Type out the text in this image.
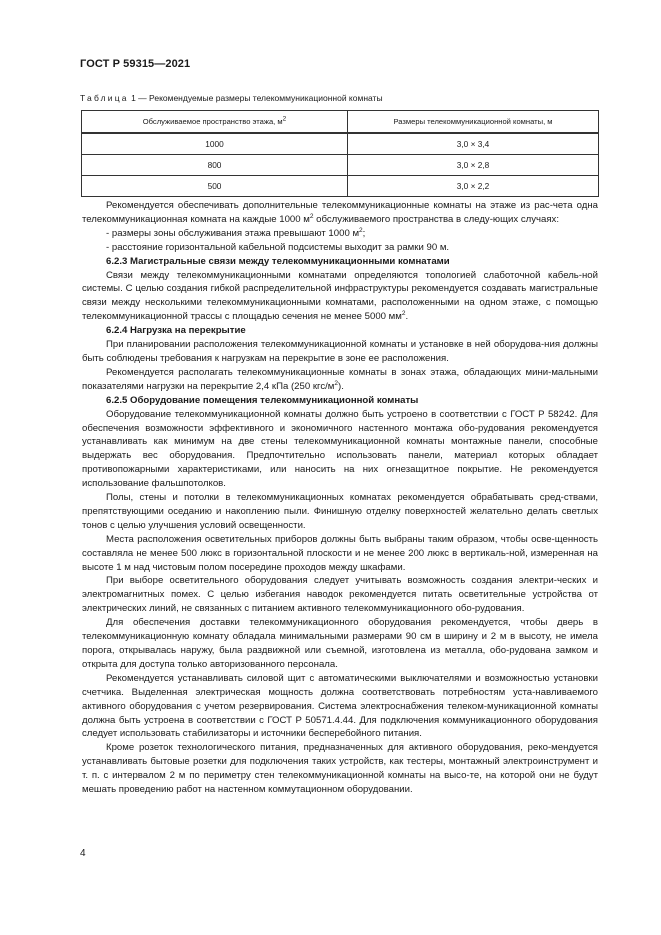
ГОСТ Р 59315—2021
Таблица 1 — Рекомендуемые размеры телекоммуникационной комнаты
Обслуживаемое пространство этажа, $м^2$	Размеры телекоммуникационной комнаты, м
1000	3,0 × 3,4
800	3,0 × 2,8
500	3,0 × 2,2

Рекомендуется обеспечивать дополнительные телекоммуникационные комнаты на этаже из рас-чета одна телекоммуникационная комната на каждые 1000 $м^2$ обслуживаемого пространства в следу-ющих случаях:

- размеры зоны обслуживания этажа превышают 1000 $м^2$;

- расстояние горизонтальной кабельной подсистемы выходит за рамки 90 м.

6.2.3 Магистральные связи между телекоммуникационными комнатами

Связи между телекоммуникационными комнатами определяются топологией слаботочной кабель-ной системы. С целью создания гибкой распределительной инфраструктуры рекомендуется создавать магистральные связи между несколькими телекоммуникационными комнатами, расположенными на одном этаже, с помощью телекоммуникационной трассы с площадью сечения не менее 5000 $мм^2$.

6.2.4 Нагрузка на перекрытие

При планировании расположения телекоммуникационной комнаты и установке в ней оборудова-ния должны быть соблюдены требования к нагрузкам на перекрытие в зоне ее расположения.

Рекомендуется располагать телекоммуникационные комнаты в зонах этажа, обладающих мини-мальными показателями нагрузки на перекрытие 2,4 кПа (250 кгс/$м^2$).

6.2.5 Оборудование помещения телекоммуникационной комнаты

Оборудование телекоммуникационной комнаты должно быть устроено в соответствии с ГОСТ Р 58242. Для обеспечения возможности эффективного и экономичного настенного монтажа обо-рудования рекомендуется устанавливать как минимум на две стены телекоммуникационной комнаты монтажные панели, способные выдержать вес оборудования. Предпочтительно использовать панели, материал которых обладает противопожарными характеристиками, или наносить на них огнезащитное покрытие. Не рекомендуется использование фальшпотолков.

Полы, стены и потолки в телекоммуникационных комнатах рекомендуется обрабатывать сред-ствами, препятствующими оседанию и накоплению пыли. Финишную отделку поверхностей желательно делать светлых тонов с целью улучшения условий освещенности.

Места расположения осветительных приборов должны быть выбраны таким образом, чтобы осве-щенность составляла не менее 500 люкс в горизонтальной плоскости и не менее 200 люкс в вертикаль-ной, измеренная на высоте 1 м над чистовым полом посередине проходов между шкафами.

При выборе осветительного оборудования следует учитывать возможность создания электри-ческих и электромагнитных помех. С целью избегания наводок рекомендуется питать осветительные устройства от электрических линий, не связанных с питанием активного телекоммуникационного обо-рудования.

Для обеспечения доставки телекоммуникационного оборудования рекомендуется, чтобы дверь в телекоммуникационную комнату обладала минимальными размерами 90 см в ширину и 2 м в высоту, не имела порога, открывалась наружу, была раздвижной или съемной, изготовлена из металла, обо-рудована замком и открыта для доступа только авторизованного персонала.

Рекомендуется устанавливать силовой щит с автоматическими выключателями и возможностью установки счетчика. Выделенная электрическая мощность должна соответствовать потребностям уста-навливаемого активного оборудования с учетом резервирования. Система электроснабжения телеком-муникационной комнаты должна быть устроена в соответствии с ГОСТ Р 50571.4.44. Для подключения коммуникационного оборудования следует использовать стабилизаторы и источники бесперебойного питания.

Кроме розеток технологического питания, предназначенных для активного оборудования, реко-мендуется устанавливать бытовые розетки для подключения таких устройств, как тестеры, монтажный электроинструмент и т. п. с интервалом 2 м по периметру стен телекоммуникационной комнаты на высо-те, на которой они не будут мешать проведению работ на настенном коммутационном оборудовании.

4
